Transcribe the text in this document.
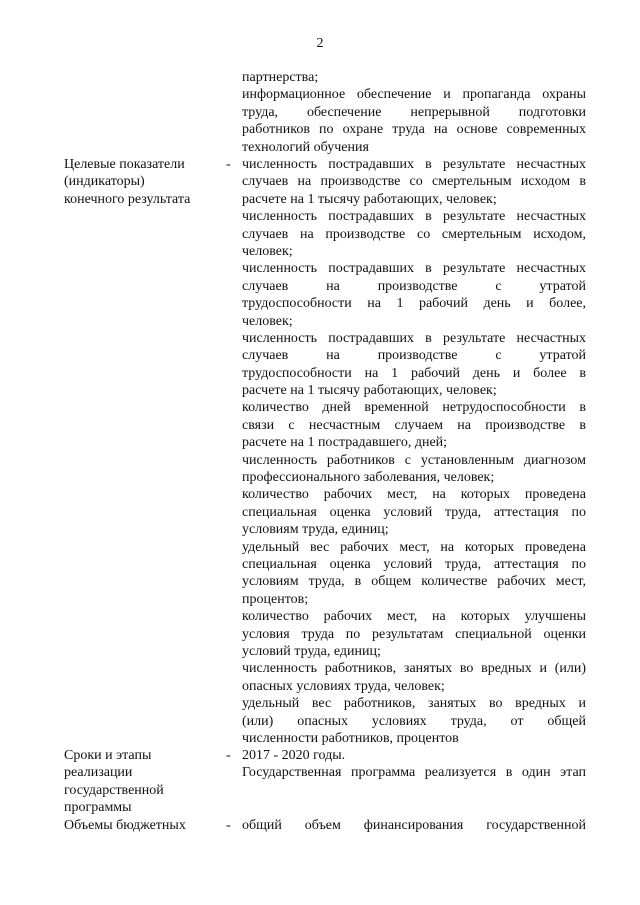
2
партнерства;
информационное обеспечение и пропаганда охраны
труда, обеспечение непрерывной подготовки
работников по охране труда на основе современных
технологий обучения
Целевые показатели
(индикаторы)
конечного результата
- численность пострадавших в результате несчастных
случаев на производстве со смертельным исходом в
расчете на 1 тысячу работающих, человек;
численность пострадавших в результате несчастных
случаев на производстве со смертельным исходом,
человек;
численность пострадавших в результате несчастных
случаев на производстве с утратой
трудоспособности на 1 рабочий день и более,
человек;
численность пострадавших в результате несчастных
случаев на производстве с утратой
трудоспособности на 1 рабочий день и более в
расчете на 1 тысячу работающих, человек;
количество дней временной нетрудоспособности в
связи с несчастным случаем на производстве в
расчете на 1 пострадавшего, дней;
численность работников с установленным диагнозом
профессионального заболевания, человек;
количество рабочих мест, на которых проведена
специальная оценка условий труда, аттестация по
условиям труда, единиц;
удельный вес рабочих мест, на которых проведена
специальная оценка условий труда, аттестация по
условиям труда, в общем количестве рабочих мест,
процентов;
количество рабочих мест, на которых улучшены
условия труда по результатам специальной оценки
условий труда, единиц;
численность работников, занятых во вредных и (или)
опасных условиях труда, человек;
удельный вес работников, занятых во вредных и
(или) опасных условиях труда, от общей
численности работников, процентов
Сроки и этапы
реализации
государственной
программы
- 2017 - 2020 годы.
Государственная программа реализуется в один этап
Объемы бюджетных	- общий объем финансирования государственной
